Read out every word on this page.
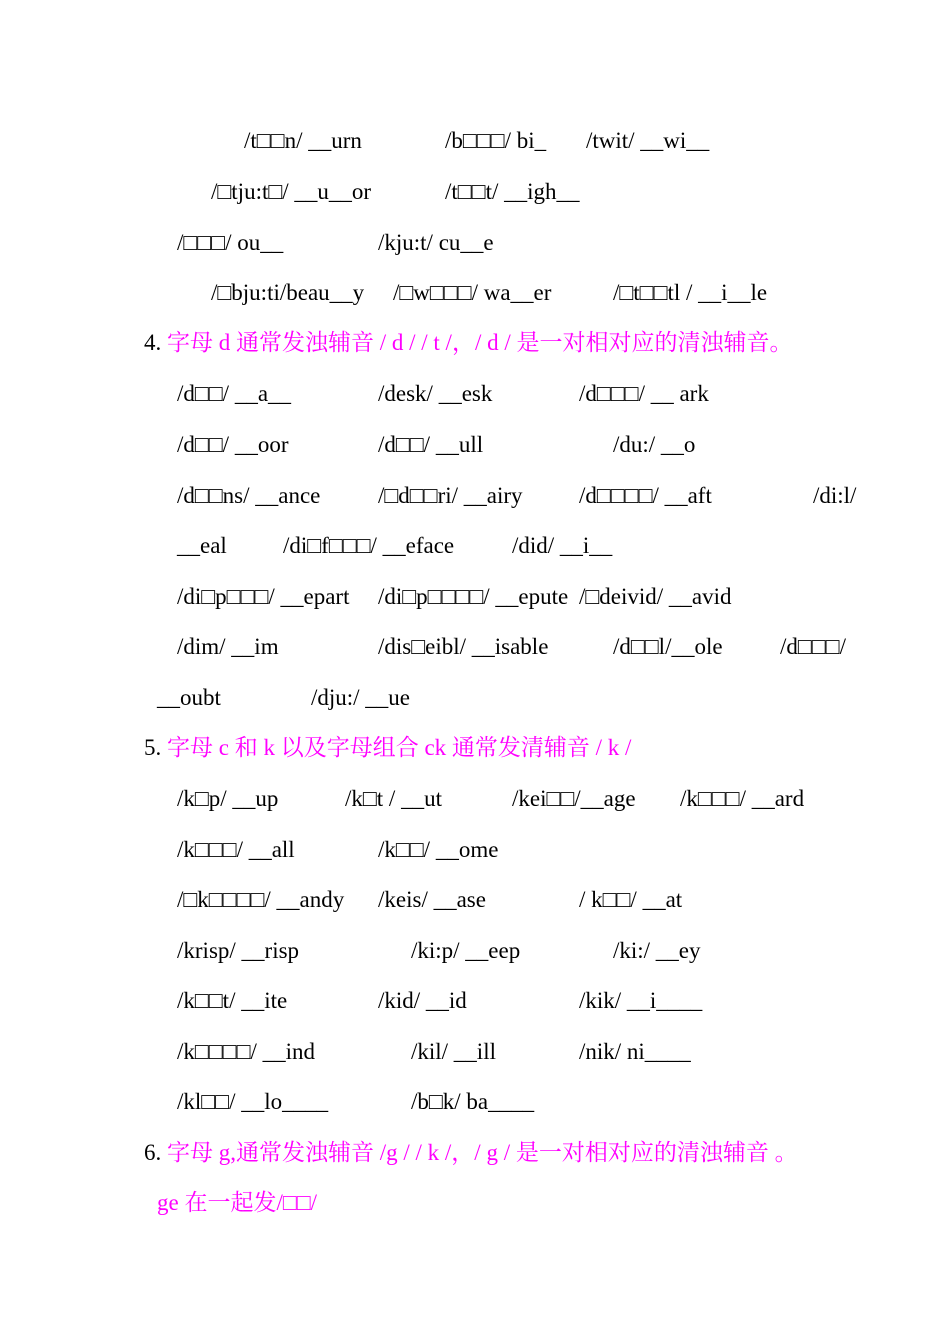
/t□□n/ __urn	/b□□□/ bi_ /twit/ __wi__
/□tju:t□/ __u__or	/t□□t/ __igh__
/□□□/ ou__	/kju:t/ cu__e
/□bju:ti/beau__y /□w□□□/ wa__er	/□t□□tl / __i__le
4. 字母 d 通常发浊辅音 / d / / t /，/ d / 是一对相对应的清浊辅音。
/d□□/ __a__	/desk/ __esk	/d□□□/ __ ark
/d□□/ __oor	/d□□/ __ull	/du:/ __o
/d□□ns/ __ance	/□d□□ri/ __airy /d□□□□/ __aft	/di:l/
__eal /di□f□□□/ __eface	/did/ __i__
/di□p□□□/ __epart /di□p□□□□/ __epute /□deivid/ __avid
/dim/ __im	/dis□eibl/ __isable	/d□□l/__ole /d□□□/
__oubt	/dju:/ __ue
5. 字母 c 和 k 以及字母组合 ck 通常发清辅音 / k /
/k□p/ __up	/k□t / __ut	/kei□□/__age /k□□□/ __ard
/k□□□/ __all	/k□□/ __ome
/□k□□□□/ __andy /keis/ __ase	/ k□□/ __at
/krisp/ __risp	/ki:p/ __eep	/ki:/ __ey
/k□□t/ __ite	/kid/ __id	/kik/ __i____
/k□□□□/ __ind	/kil/ __ill	/nik/ ni____
/kl□□/ __lo____	/b□k/ ba____
6. 字母 g,通常发浊辅音 /g / / k /，/ g / 是一对相对应的清浊辅音 。
ge 在一起发/□□/
